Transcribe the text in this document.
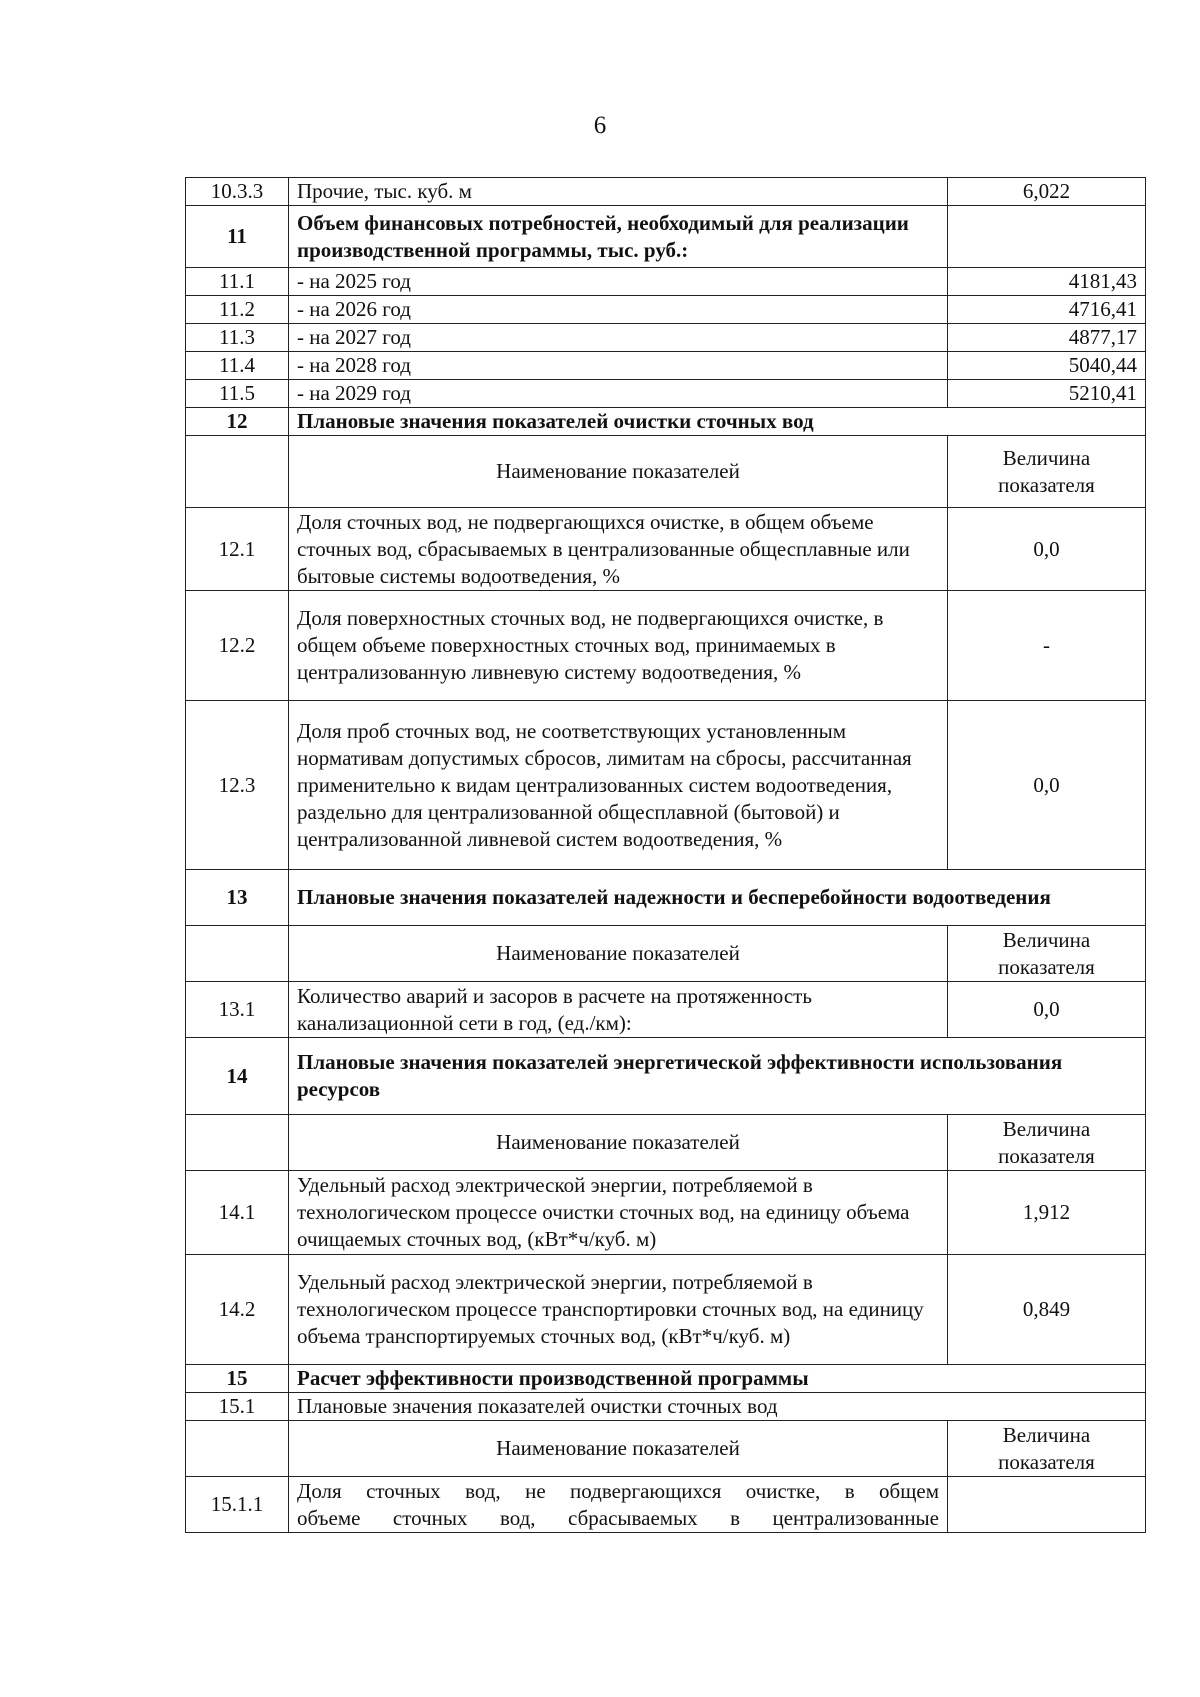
6
10.3.3	Прочие, тыс. куб. м	6,022
11	Объем финансовых потребностей, необходимый для реализации производственной программы, тыс. руб.:	
11.1	- на 2025 год	4181,43
11.2	- на 2026 год	4716,41
11.3	- на 2027 год	4877,17
11.4	- на 2028 год	5040,44
11.5	- на 2029 год	5210,41
12	Плановые значения показателей очистки сточных вод	
	Наименование показателей	Величина показателя
12.1	Доля сточных вод, не подвергающихся очистке, в общем объеме сточных вод, сбрасываемых в централизованные общесплавные или бытовые системы водоотведения, %	0,0
12.2	Доля поверхностных сточных вод, не подвергающихся очистке, в общем объеме поверхностных сточных вод, принимаемых в централизованную ливневую систему водоотведения, %	-
12.3	Доля проб сточных вод, не соответствующих установленным нормативам допустимых сбросов, лимитам на сбросы, рассчитанная применительно к видам централизованных систем водоотведения, раздельно для централизованной общесплавной (бытовой) и централизованной ливневой систем водоотведения, %	0,0
13	Плановые значения показателей надежности и бесперебойности водоотведения	
	Наименование показателей	Величина показателя
13.1	Количество аварий и засоров в расчете на протяженность канализационной сети в год, (ед./км):	0,0
14	Плановые значения показателей энергетической эффективности использования ресурсов	
	Наименование показателей	Величина показателя
14.1	Удельный расход электрической энергии, потребляемой в технологическом процессе очистки сточных вод, на единицу объема очищаемых сточных вод, (кВт*ч/куб. м)	1,912
14.2	Удельный расход электрической энергии, потребляемой в технологическом процессе транспортировки сточных вод, на единицу объема транспортируемых сточных вод, (кВт*ч/куб. м)	0,849
15	Расчет эффективности производственной программы	
15.1	Плановые значения показателей очистки сточных вод	
	Наименование показателей	Величина показателя
15.1.1	Доля сточных вод, не подвергающихся очистке, в общем
объеме сточных вод, сбрасываемых в централизованные	
